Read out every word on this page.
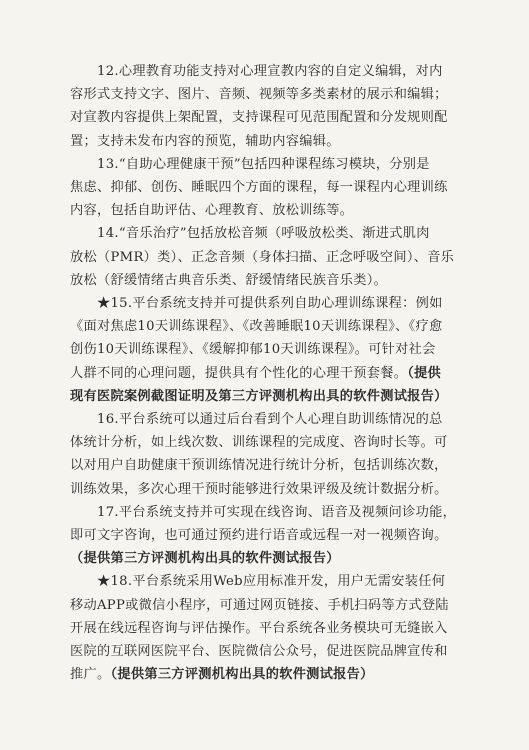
12.心理教育功能支持对心理宣教内容的自定义编辑，对内
容形式支持文字、图片、音频、视频等多类素材的展示和编辑；
对宣教内容提供上架配置，支持课程可见范围配置和分发规则配
置；支持未发布内容的预览，辅助内容编辑。
13.“自助心理健康干预”包括四种课程练习模块，分别是
焦虑、抑郁、创伤、睡眠四个方面的课程，每一课程内心理训练
内容，包括自助评估、心理教育、放松训练等。
14.“音乐治疗”包括放松音频（呼吸放松类、渐进式肌肉
放松（PMR）类）、正念音频（身体扫描、正念呼吸空间）、音乐
放松（舒缓情绪古典音乐类、舒缓情绪民族音乐类）。
★15.平台系统支持并可提供系列自助心理训练课程：例如
《面对焦虑10天训练课程》、《改善睡眠10天训练课程》、《疗愈
创伤10天训练课程》、《缓解抑郁10天训练课程》。可针对社会
人群不同的心理问题，提供具有个性化的心理干预套餐。（提供
现有医院案例截图证明及第三方评测机构出具的软件测试报告）
16.平台系统可以通过后台看到个人心理自助训练情况的总
体统计分析，如上线次数、训练课程的完成度、咨询时长等。可
以对用户自助健康干预训练情况进行统计分析，包括训练次数，
训练效果，多次心理干预时能够进行效果评级及统计数据分析。
17.平台系统支持并可实现在线咨询、语音及视频问诊功能，
即可文字咨询，也可通过预约进行语音或远程一对一视频咨询。
（提供第三方评测机构出具的软件测试报告）
★18.平台系统采用Web应用标准开发，用户无需安装任何
移动APP或微信小程序，可通过网页链接、手机扫码等方式登陆
开展在线远程咨询与评估操作。平台系统各业务模块可无缝嵌入
医院的互联网医院平台、医院微信公众号，促进医院品牌宣传和
推广。（提供第三方评测机构出具的软件测试报告）
